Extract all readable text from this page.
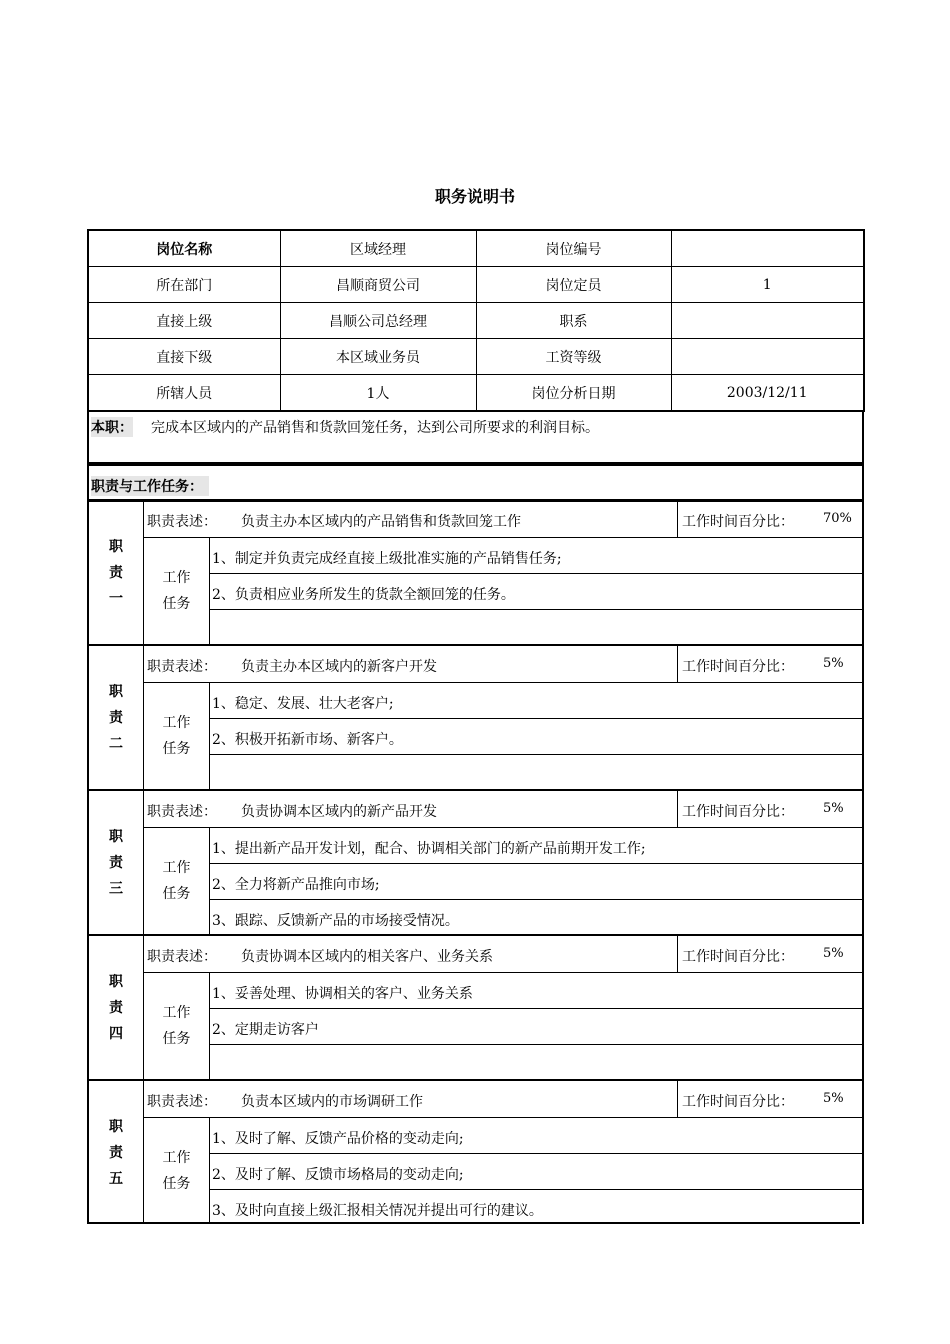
职务说明书
岗位名称	区域经理	岗位编号	
所在部门	昌顺商贸公司	岗位定员	1
直接上级	昌顺公司总经理	职系	
直接下级	本区域业务员	工资等级	
所辖人员	1人	岗位分析日期	2003/12/11
本职： 完成本区域内的产品销售和货款回笼任务，达到公司所要求的利润目标。
职责与工作任务：
职
责
一
职责表述： 负责主办本区域内的产品销售和货款回笼工作	工作时间百分比： 70%
工作
任务
1、制定并负责完成经直接上级批准实施的产品销售任务;
2、负责相应业务所发生的货款全额回笼的任务。
职
责
二
职责表述： 负责主办本区域内的新客户开发	工作时间百分比： 5%
工作
任务
1、稳定、发展、壮大老客户;
2、积极开拓新市场、新客户。
职
责
三
职责表述： 负责协调本区域内的新产品开发	工作时间百分比： 5%
工作
任务
1、提出新产品开发计划，配合、协调相关部门的新产品前期开发工作;
2、全力将新产品推向市场;
3、跟踪、反馈新产品的市场接受情况。
职
责
四
职责表述： 负责协调本区域内的相关客户、业务关系	工作时间百分比： 5%
工作
任务
1、妥善处理、协调相关的客户、业务关系
2、定期走访客户
职
责
五
职责表述： 负责本区域内的市场调研工作	工作时间百分比： 5%
工作
任务
1、及时了解、反馈产品价格的变动走向;
2、及时了解、反馈市场格局的变动走向;
3、及时向直接上级汇报相关情况并提出可行的建议。
